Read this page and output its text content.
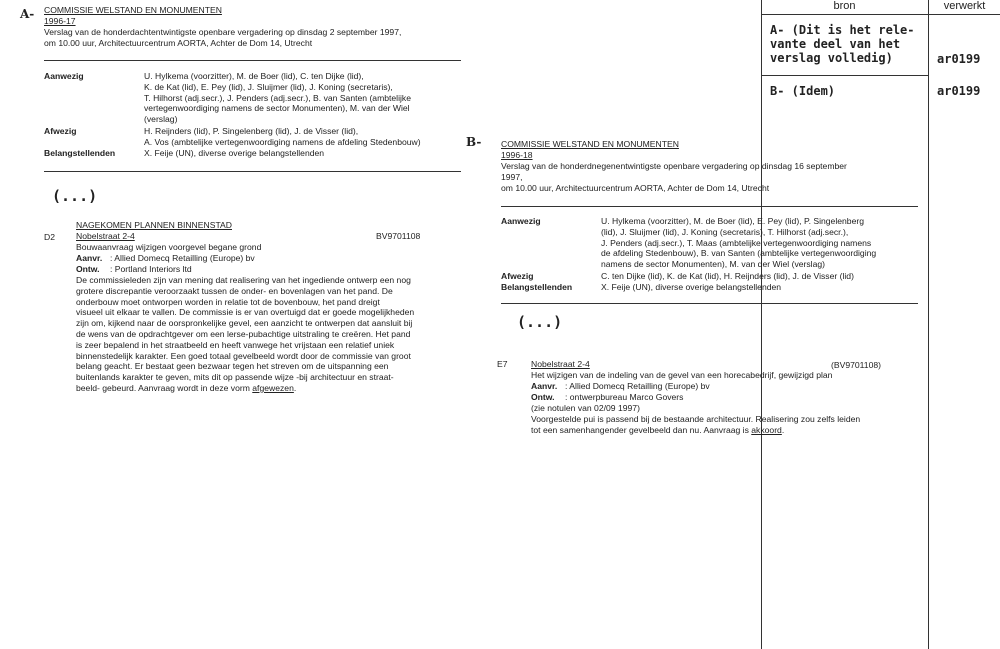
bron	verwerkt
A- (Dit is het rele-
vante deel van het
verslag volledig)	ar0199
B- (Idem)	ar0199
A- COMMISSIE WELSTAND EN MONUMENTEN
1996-17
Verslag van de honderdachtentwintigste openbare vergadering op dinsdag 2 september 1997,
om 10.00 uur, Architectuurcentrum AORTA, Achter de Dom 14, Utrecht
Aanwezig	U. Hylkema (voorzitter), M. de Boer (lid), C. ten Dijke (lid),
K. de Kat (lid), E. Pey (lid), J. Sluijmer (lid), J. Koning (secretaris),
T. Hilhorst (adj.secr.), J. Penders (adj.secr.), B. van Santen (ambtelijke
vertegenwoordiging namens de sector Monumenten), M. van der Wiel
(verslag)
Afwezig	H. Reijnders (lid), P. Singelenberg (lid), J. de Visser (lid),
A. Vos (ambtelijke vertegenwoordiging namens de afdeling Stedenbouw)
Belangstellenden	X. Feije (UN), diverse overige belangstellenden
(...)
NAGEKOMEN PLANNEN BINNENSTAD
D2 Nobelstraat 2-4	BV9701108
Bouwaanvraag wijzigen voorgevel begane grond
Aanvr. : Allied Domecq Retailling (Europe) bv
Ontw. : Portland Interiors ltd
De commissieleden zijn van mening dat realisering van het ingediende ontwerp een nog
grotere discrepantie veroorzaakt tussen de onder- en bovenlagen van het pand. De
onderbouw moet ontworpen worden in relatie tot de bovenbouw, het pand dreigt
visueel uit elkaar te vallen. De commissie is er van overtuigd dat er goede mogelijkheden
zijn om, kijkend naar de oorspronkelijke gevel, een aanzicht te ontwerpen dat aansluit bij
de wens van de opdrachtgever om een lerse-pubachtige uitstraling te creëren. Het pand
is zeer bepalend in het straatbeeld en heeft vanwege het vrijstaan een relatief uniek
binnenstedelijk karakter. Een goed totaal gevelbeeld wordt door de commissie van groot
belang geacht. Er bestaat geen bezwaar tegen het streven om de uitspanning een
buitenlands karakter te geven, mits dit op passende wijze -bij architectuur en straat-
beeld- gebeurd. Aanvraag wordt in deze vorm afgewezen.
B- COMMISSIE WELSTAND EN MONUMENTEN
1996-18
Verslag van de honderdnegenentwintigste openbare vergadering op dinsdag 16 september
1997,
om 10.00 uur, Architectuurcentrum AORTA, Achter de Dom 14, Utrecht
Aanwezig	U. Hylkema (voorzitter), M. de Boer (lid), E. Pey (lid), P. Singelenberg
(lid), J. Sluijmer (lid), J. Koning (secretaris), T. Hilhorst (adj.secr.),
J. Penders (adj.secr.), T. Maas (ambtelijke vertegenwoordiging namens
de afdeling Stedenbouw), B. van Santen (ambtelijke vertegenwoordiging
namens de sector Monumenten), M. van der Wiel (verslag)
Afwezig	C. ten Dijke (lid), K. de Kat (lid), H. Reijnders (lid), J. de Visser (lid)
Belangstellenden	X. Feije (UN), diverse overige belangstellenden
(...)
E7	Nobelstraat 2-4	(BV9701108)
Het wijzigen van de indeling van de gevel van een horecabedrijf, gewijzigd plan
Aanvr. : Allied Domecq Retailling (Europe) bv
Ontw. : ontwerpbureau Marco Govers
(zie notulen van 02/09 1997)
Voorgestelde pui is passend bij de bestaande architectuur. Realisering zou zelfs leiden
tot een samenhangender gevelbeeld dan nu. Aanvraag is akkoord.
